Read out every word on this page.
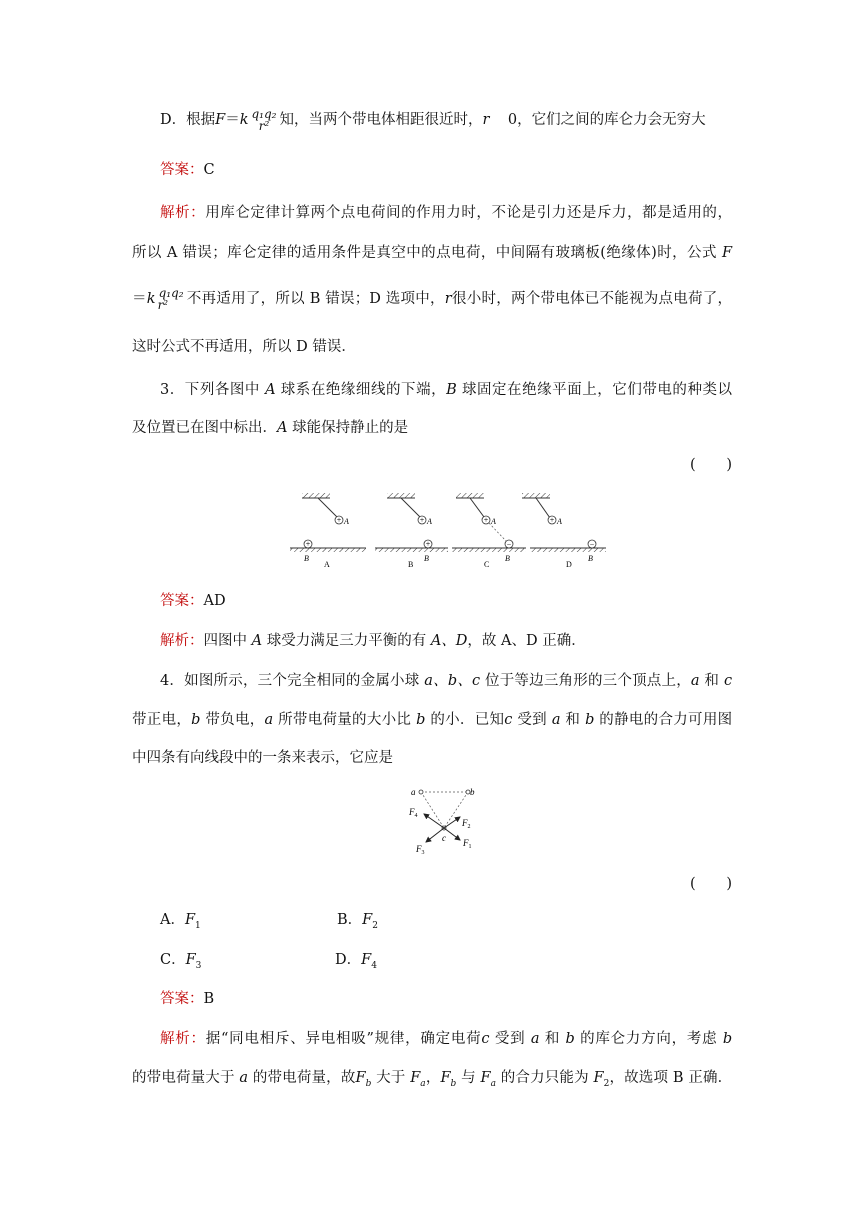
D．根据F＝k q₁q₂
r² 知，当两个带电体相距很近时，r 0，它们之间的库仑力会无穷大
答案：C
解析：用库仑定律计算两个点电荷间的作用力时，不论是引力还是斥力，都是适用的，
所以 A 错误；库仑定律的适用条件是真空中的点电荷，中间隔有玻璃板(绝缘体)时，公式 F
＝k q₁q₂
r²	不再适用了，所以 B 错误；D 选项中，r很小时，两个带电体已不能视为点电荷了，
这时公式不再适用，所以 D 错误．
3．下列各图中 A 球系在绝缘细线的下端，B 球固定在绝缘平面上，它们带电的种类以
及位置已在图中标出．A 球能保持静止的是
( )
+ A
+
B
A
+ A
+
B
B
+ A
−
B
C
+ A
−
B
D
答案：AD
解析：四图中 A 球受力满足三力平衡的有 A、D，故 A、D 正确．
4．如图所示，三个完全相同的金属小球 a、b、c 位于等边三角形的三个顶点上，a 和 c
带正电，b 带负电，a 所带电荷量的大小比 b 的小．已知c 受到 a 和 b 的静电的合力可用图
中四条有向线段中的一条来表示，它应是
a	b
c
$F_4$
$F_2$
$F_3$
$F_1$
( )
A．$F_1$	B．$F_2$
C．$F_3$	D．$F_4$
答案：B
解析：据“同电相斥、异电相吸”规律，确定电荷c 受到 a 和 b 的库仑力方向，考虑 b
的带电荷量大于 a 的带电荷量，故$F_b$ 大于 $F_a$，$F_b$ 与 $F_a$ 的合力只能为 $F_2$，故选项 B 正确．
